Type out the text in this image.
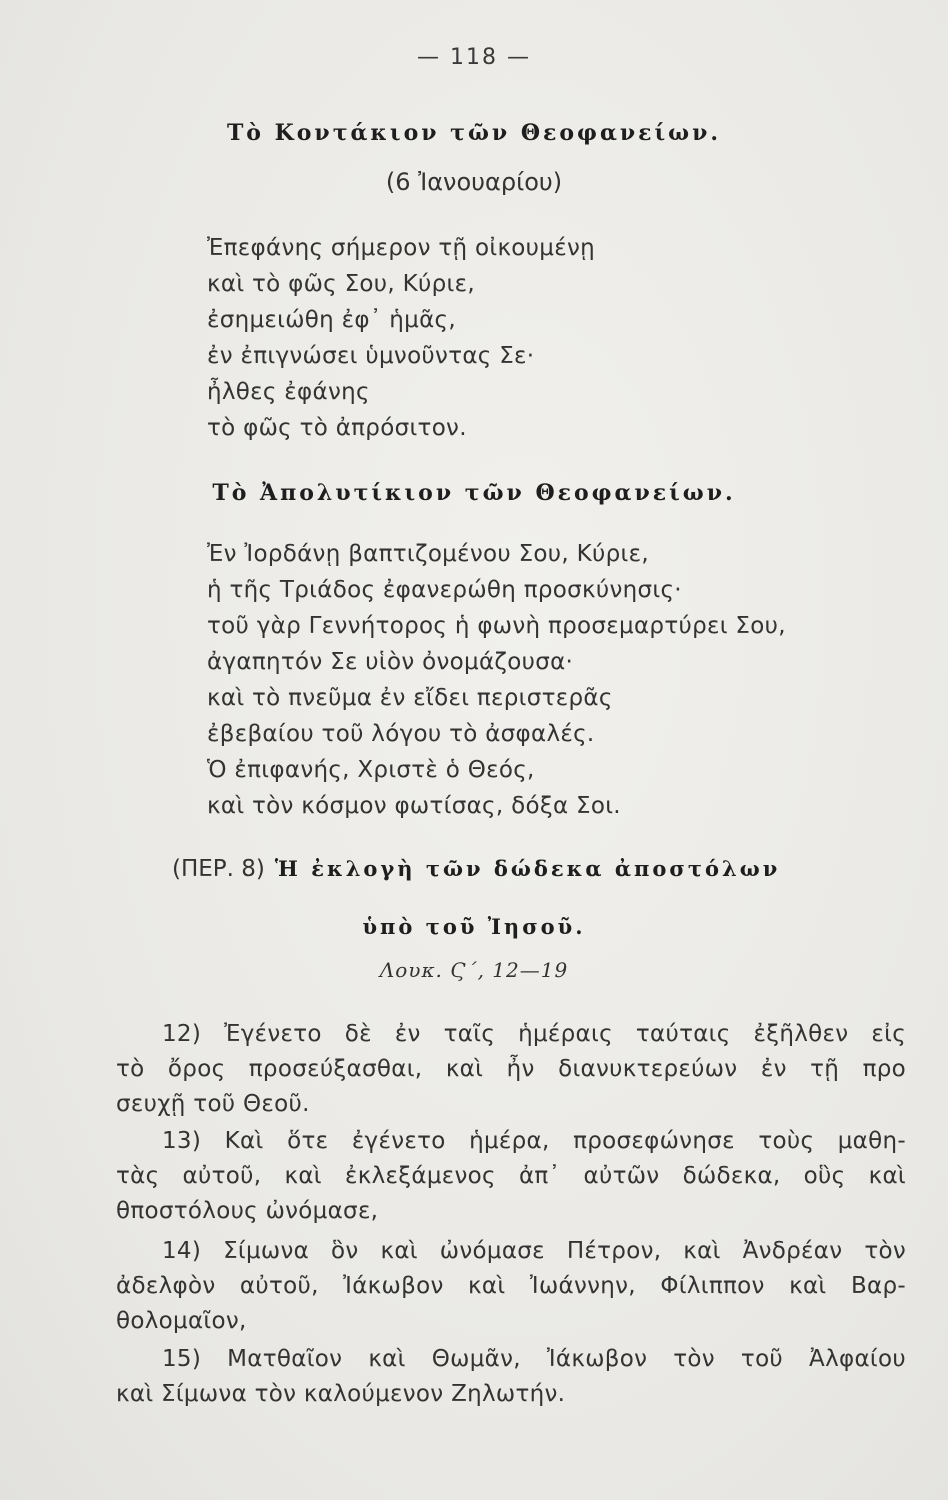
— 118 —
Τὸ Κοντάκιον τῶν Θεοφανείων.
(6 Ἰανουαρίου)
Ἐπεφάνης σήμερον τῇ οἰκουμένῃ
καὶ τὸ φῶς Σου, Κύριε,
ἐσημειώθη ἐφ᾿ ἡμᾶς,
ἐν ἐπιγνώσει ὑμνοῦντας Σε·
ἦλθες ἐφάνης
τὸ φῶς τὸ ἀπρόσιτον.
Τὸ Ἀπολυτίκιον τῶν Θεοφανείων.
Ἐν Ἰορδάνῃ βαπτιζομένου Σου, Κύριε,
ἡ τῆς Τριάδος ἐφανερώθη προσκύνησις·
τοῦ γὰρ Γεννήτορος ἡ φωνὴ προσεμαρτύρει Σου,
ἀγαπητόν Σε υἱὸν ὀνομάζουσα·
καὶ τὸ πνεῦμα ἐν εἴδει περιστερᾶς
ἐβεβαίου τοῦ λόγου τὸ ἀσφαλές.
Ὁ ἐπιφανής, Χριστὲ ὁ Θεός,
καὶ τὸν κόσμον φωτίσας, δόξα Σοι.
(ΠΕΡ. 8) Ἡ ἐκλογὴ τῶν δώδεκα ἀποστόλων
ὑπὸ τοῦ Ἰησοῦ.
Λουκ. Ϛ΄, 12—19
12) Ἐγένετο δὲ ἐν ταῖς ἡμέραις ταύταις ἐξῆλθεν εἰς
τὸ ὄρος προσεύξασθαι, καὶ ἦν διανυκτερεύων ἐν τῇ προ
σευχῇ τοῦ Θεοῦ.
13) Καὶ ὅτε ἐγένετο ἡμέρα, προσεφώνησε τοὺς μαθη-
τὰς αὐτοῦ, καὶ ἐκλεξάμενος ἀπ᾿ αὐτῶν δώδεκα, οὓς καὶ
θποστόλους ὠνόμασε,
14) Σίμωνα ὃν καὶ ὠνόμασε Πέτρον, καὶ Ἀνδρέαν τὸν
ἀδελφὸν αὐτοῦ, Ἰάκωβον καὶ Ἰωάννην, Φίλιππον καὶ Βαρ-
θολομαῖον,
15) Ματθαῖον καὶ Θωμᾶν, Ἰάκωβον τὸν τοῦ Ἀλφαίου
καὶ Σίμωνα τὸν καλούμενον Ζηλωτήν.
